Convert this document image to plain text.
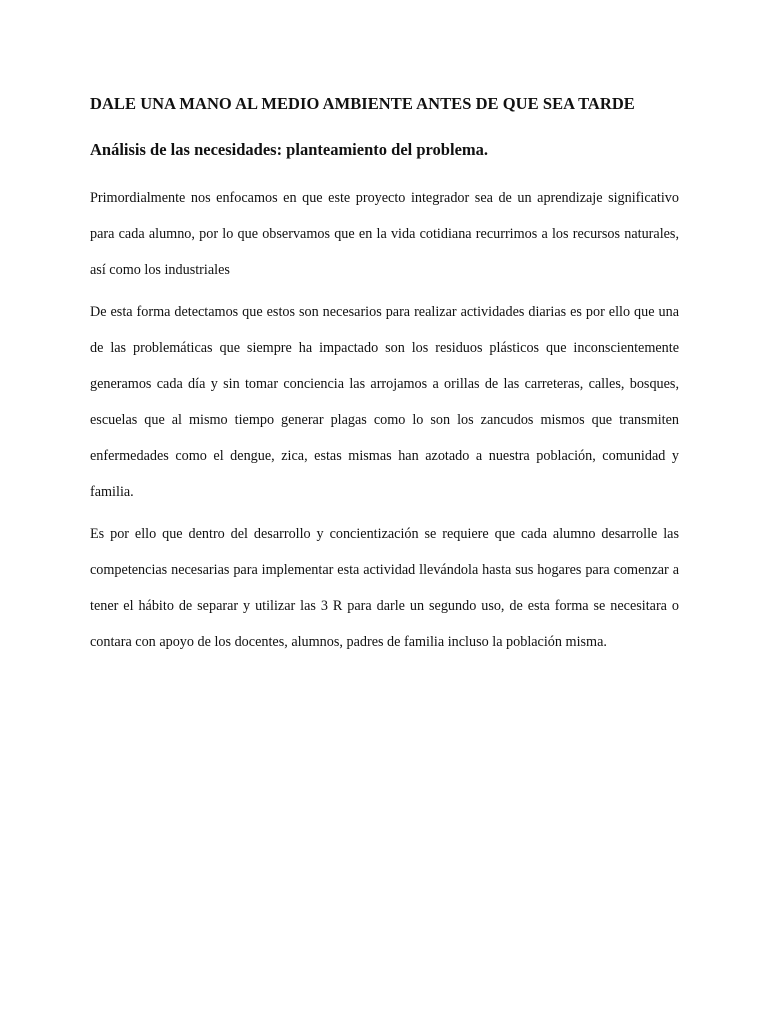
DALE UNA MANO AL MEDIO AMBIENTE ANTES DE QUE SEA TARDE
Análisis de las necesidades: planteamiento del problema.

Primordialmente nos enfocamos en que este proyecto integrador sea de un aprendizaje significativo para cada alumno, por lo que observamos que en la vida cotidiana recurrimos a los recursos naturales, así como los industriales

De esta forma detectamos que estos son necesarios para realizar actividades diarias es por ello que una de las problemáticas que siempre ha impactado son los residuos plásticos que inconscientemente generamos cada día y sin tomar conciencia las arrojamos a orillas de las carreteras, calles, bosques, escuelas que al mismo tiempo generar plagas como lo son los zancudos mismos que transmiten enfermedades como el dengue, zica, estas mismas han azotado a nuestra población, comunidad y familia.

Es por ello que dentro del desarrollo y concientización se requiere que cada alumno desarrolle las competencias necesarias para implementar esta actividad llevándola hasta sus hogares para comenzar a tener el hábito de separar y utilizar las 3 R para darle un segundo uso, de esta forma se necesitara o contara con apoyo de los docentes, alumnos, padres de familia incluso la población misma.
